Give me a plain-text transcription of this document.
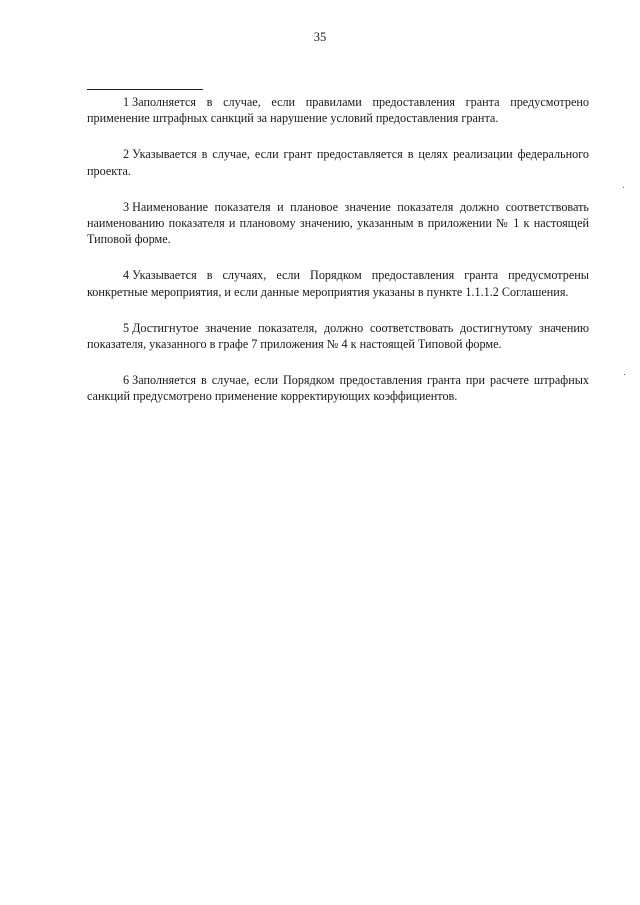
35

1 Заполняется в случае, если правилами предоставления гранта предусмотрено применение штрафных санкций за нарушение условий предоставления гранта.

2 Указывается в случае, если грант предоставляется в целях реализации федерального проекта.

3 Наименование показателя и плановое значение показателя должно соответствовать наименованию показателя и плановому значению, указанным в приложении № 1 к настоящей Типовой форме.

4 Указывается в случаях, если Порядком предоставления гранта предусмотрены конкретные мероприятия, и если данные мероприятия указаны в пункте 1.1.1.2 Соглашения.

5 Достигнутое значение показателя, должно соответствовать достигнутому значению показателя, указанного в графе 7 приложения № 4 к настоящей Типовой форме.

6 Заполняется в случае, если Порядком предоставления гранта при расчете штрафных санкций предусмотрено применение корректирующих коэффициентов.
